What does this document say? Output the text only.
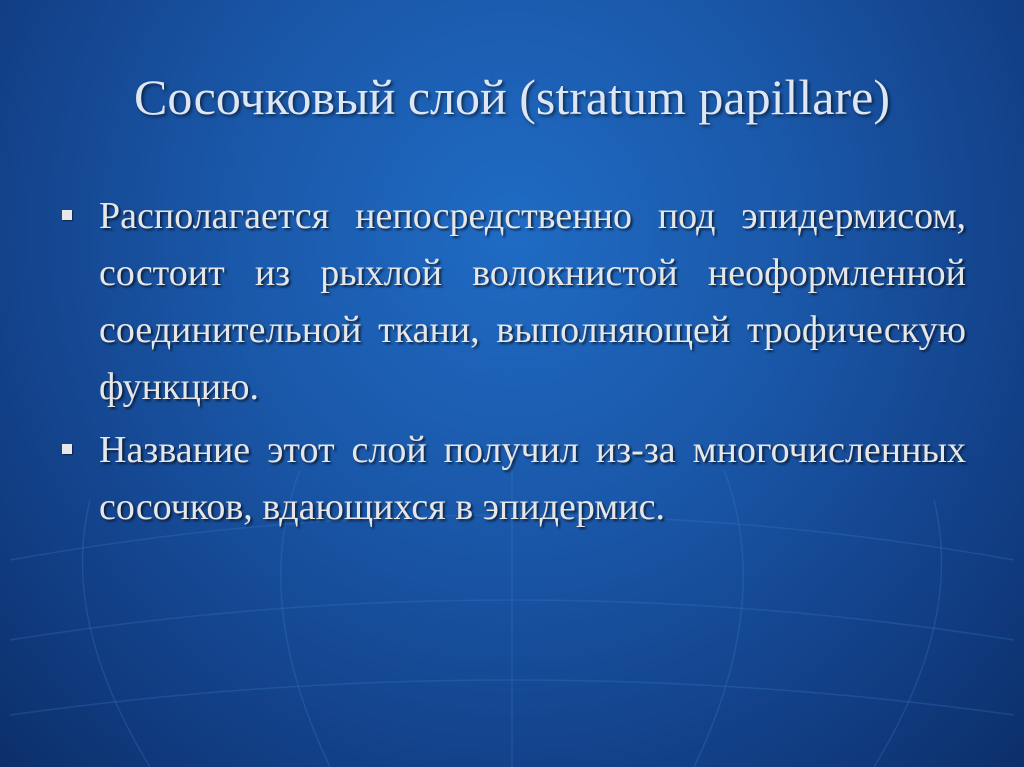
Сосочковый слой (stratum papillare)
Располагается непосредственно под эпидермисом, состоит из рыхлой волокнистой неоформленной соединительной ткани, выполняющей трофическую функцию.
Название этот слой получил из-за многочисленных сосочков, вдающихся в эпидермис.
